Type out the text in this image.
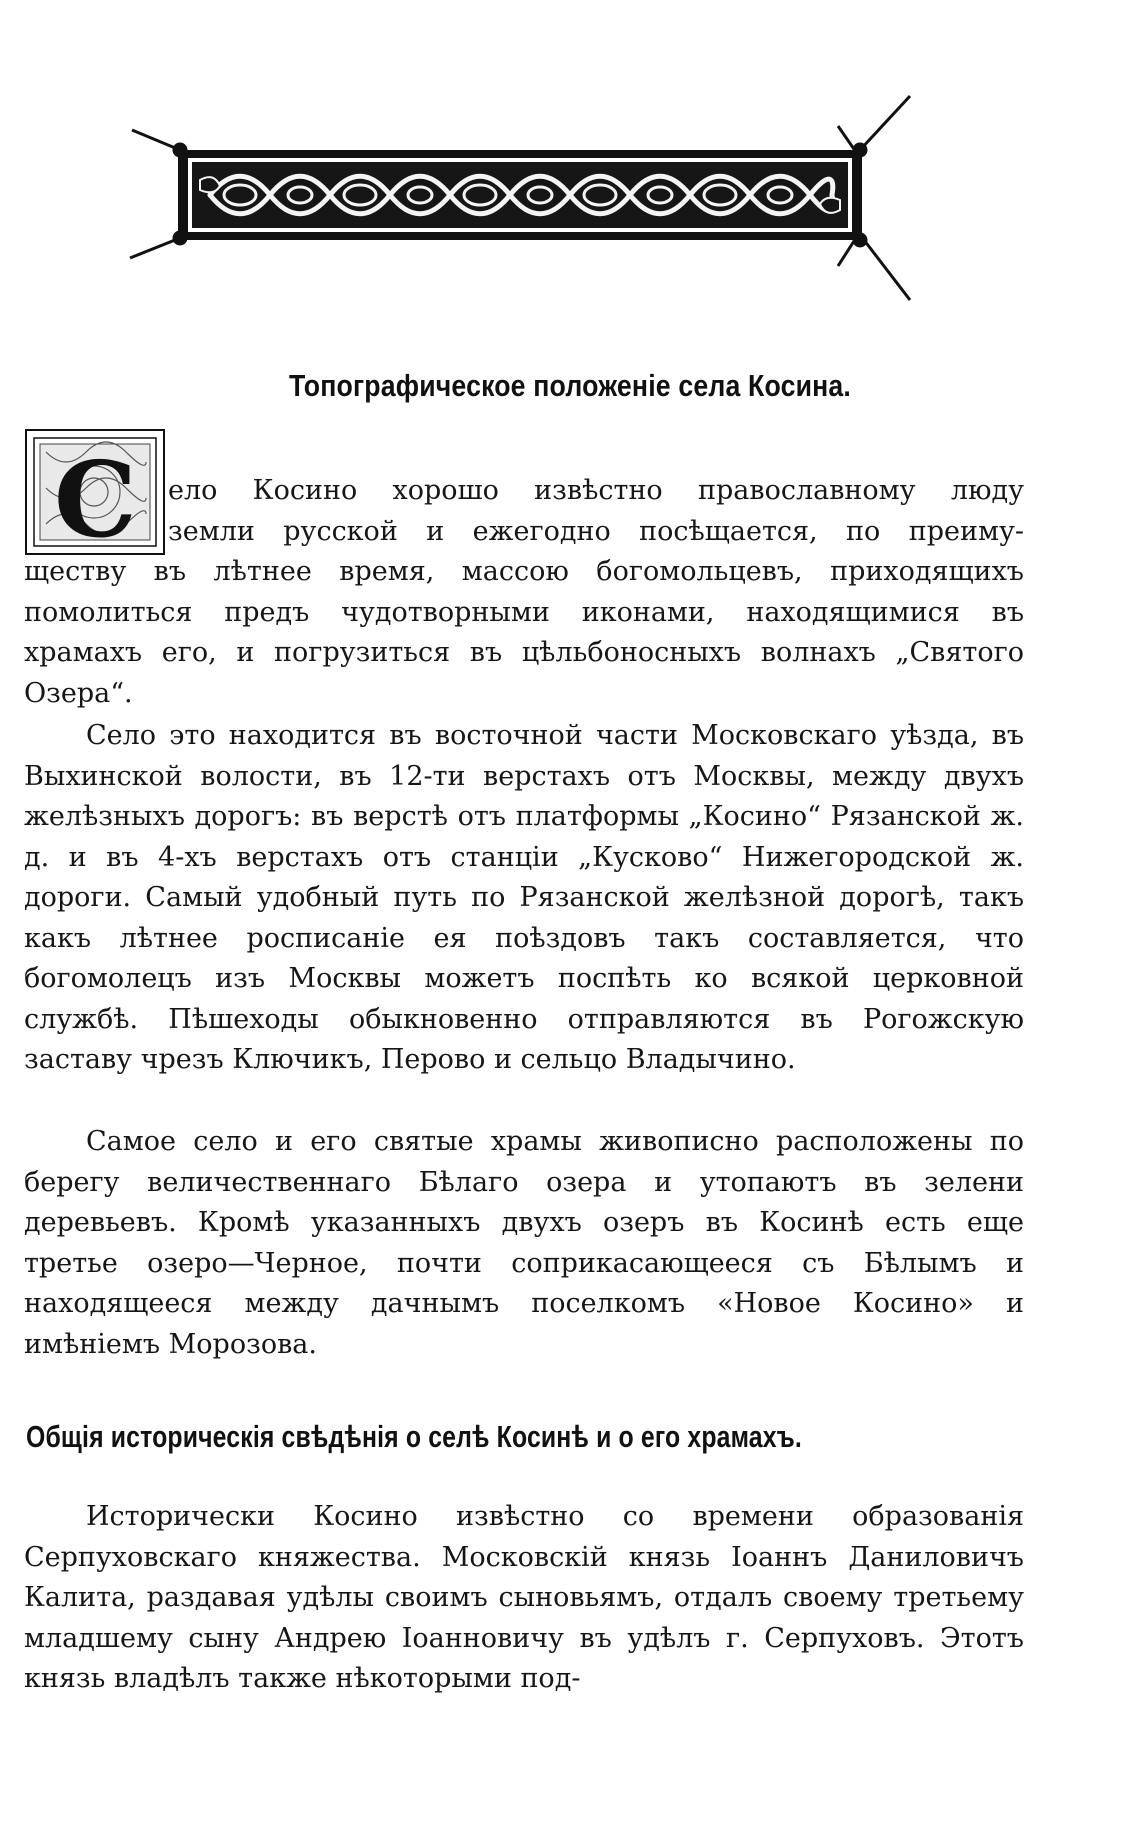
Топографическое положеніе села Косина.
С ело Косино хорошо извѣстно православному люду
земли русской и ежегодно посѣщается, по преиму-

ществу въ лѣтнее время, массою богомольцевъ, приходящихъ помолиться предъ чудотворными иконами, находящимися въ храмахъ его, и погрузиться въ цѣльбоносныхъ волнахъ „Святого Озера“.

Село это находится въ восточной части Московскаго уѣзда, въ Выхинской волости, въ 12-ти верстахъ отъ Москвы, между двухъ желѣзныхъ дорогъ: въ верстѣ отъ платформы „Косино“ Рязанской ж. д. и въ 4-хъ верстахъ отъ станціи „Кусково“ Нижегородской ж. дороги. Самый удобный путь по Рязанской желѣзной дорогѣ, такъ какъ лѣтнее росписаніе ея поѣздовъ такъ составляется, что богомолецъ изъ Москвы можетъ поспѣть ко всякой церковной службѣ. Пѣшеходы обыкновенно отправляются въ Рогожскую заставу чрезъ Ключикъ, Перово и сельцо Владычино.

Самое село и его святые храмы живописно расположены по берегу величественнаго Бѣлаго озера и утопаютъ въ зелени деревьевъ. Кромѣ указанныхъ двухъ озеръ въ Косинѣ есть еще третье озеро—Черное, почти соприкасающееся съ Бѣлымъ и находящееся между дачнымъ поселкомъ «Новое Косино» и имѣніемъ Морозова.

Общія историческія свѣдѣнія о селѣ Косинѣ и о его храмахъ.

Исторически Косино извѣстно со времени образованія Серпуховскаго княжества. Московскій князь Іоаннъ Даниловичъ Калита, раздавая удѣлы своимъ сыновьямъ, отдалъ своему третьему младшему сыну Андрею Іоанновичу въ удѣлъ г. Серпуховъ. Этотъ князь владѣлъ также нѣкоторыми под-
